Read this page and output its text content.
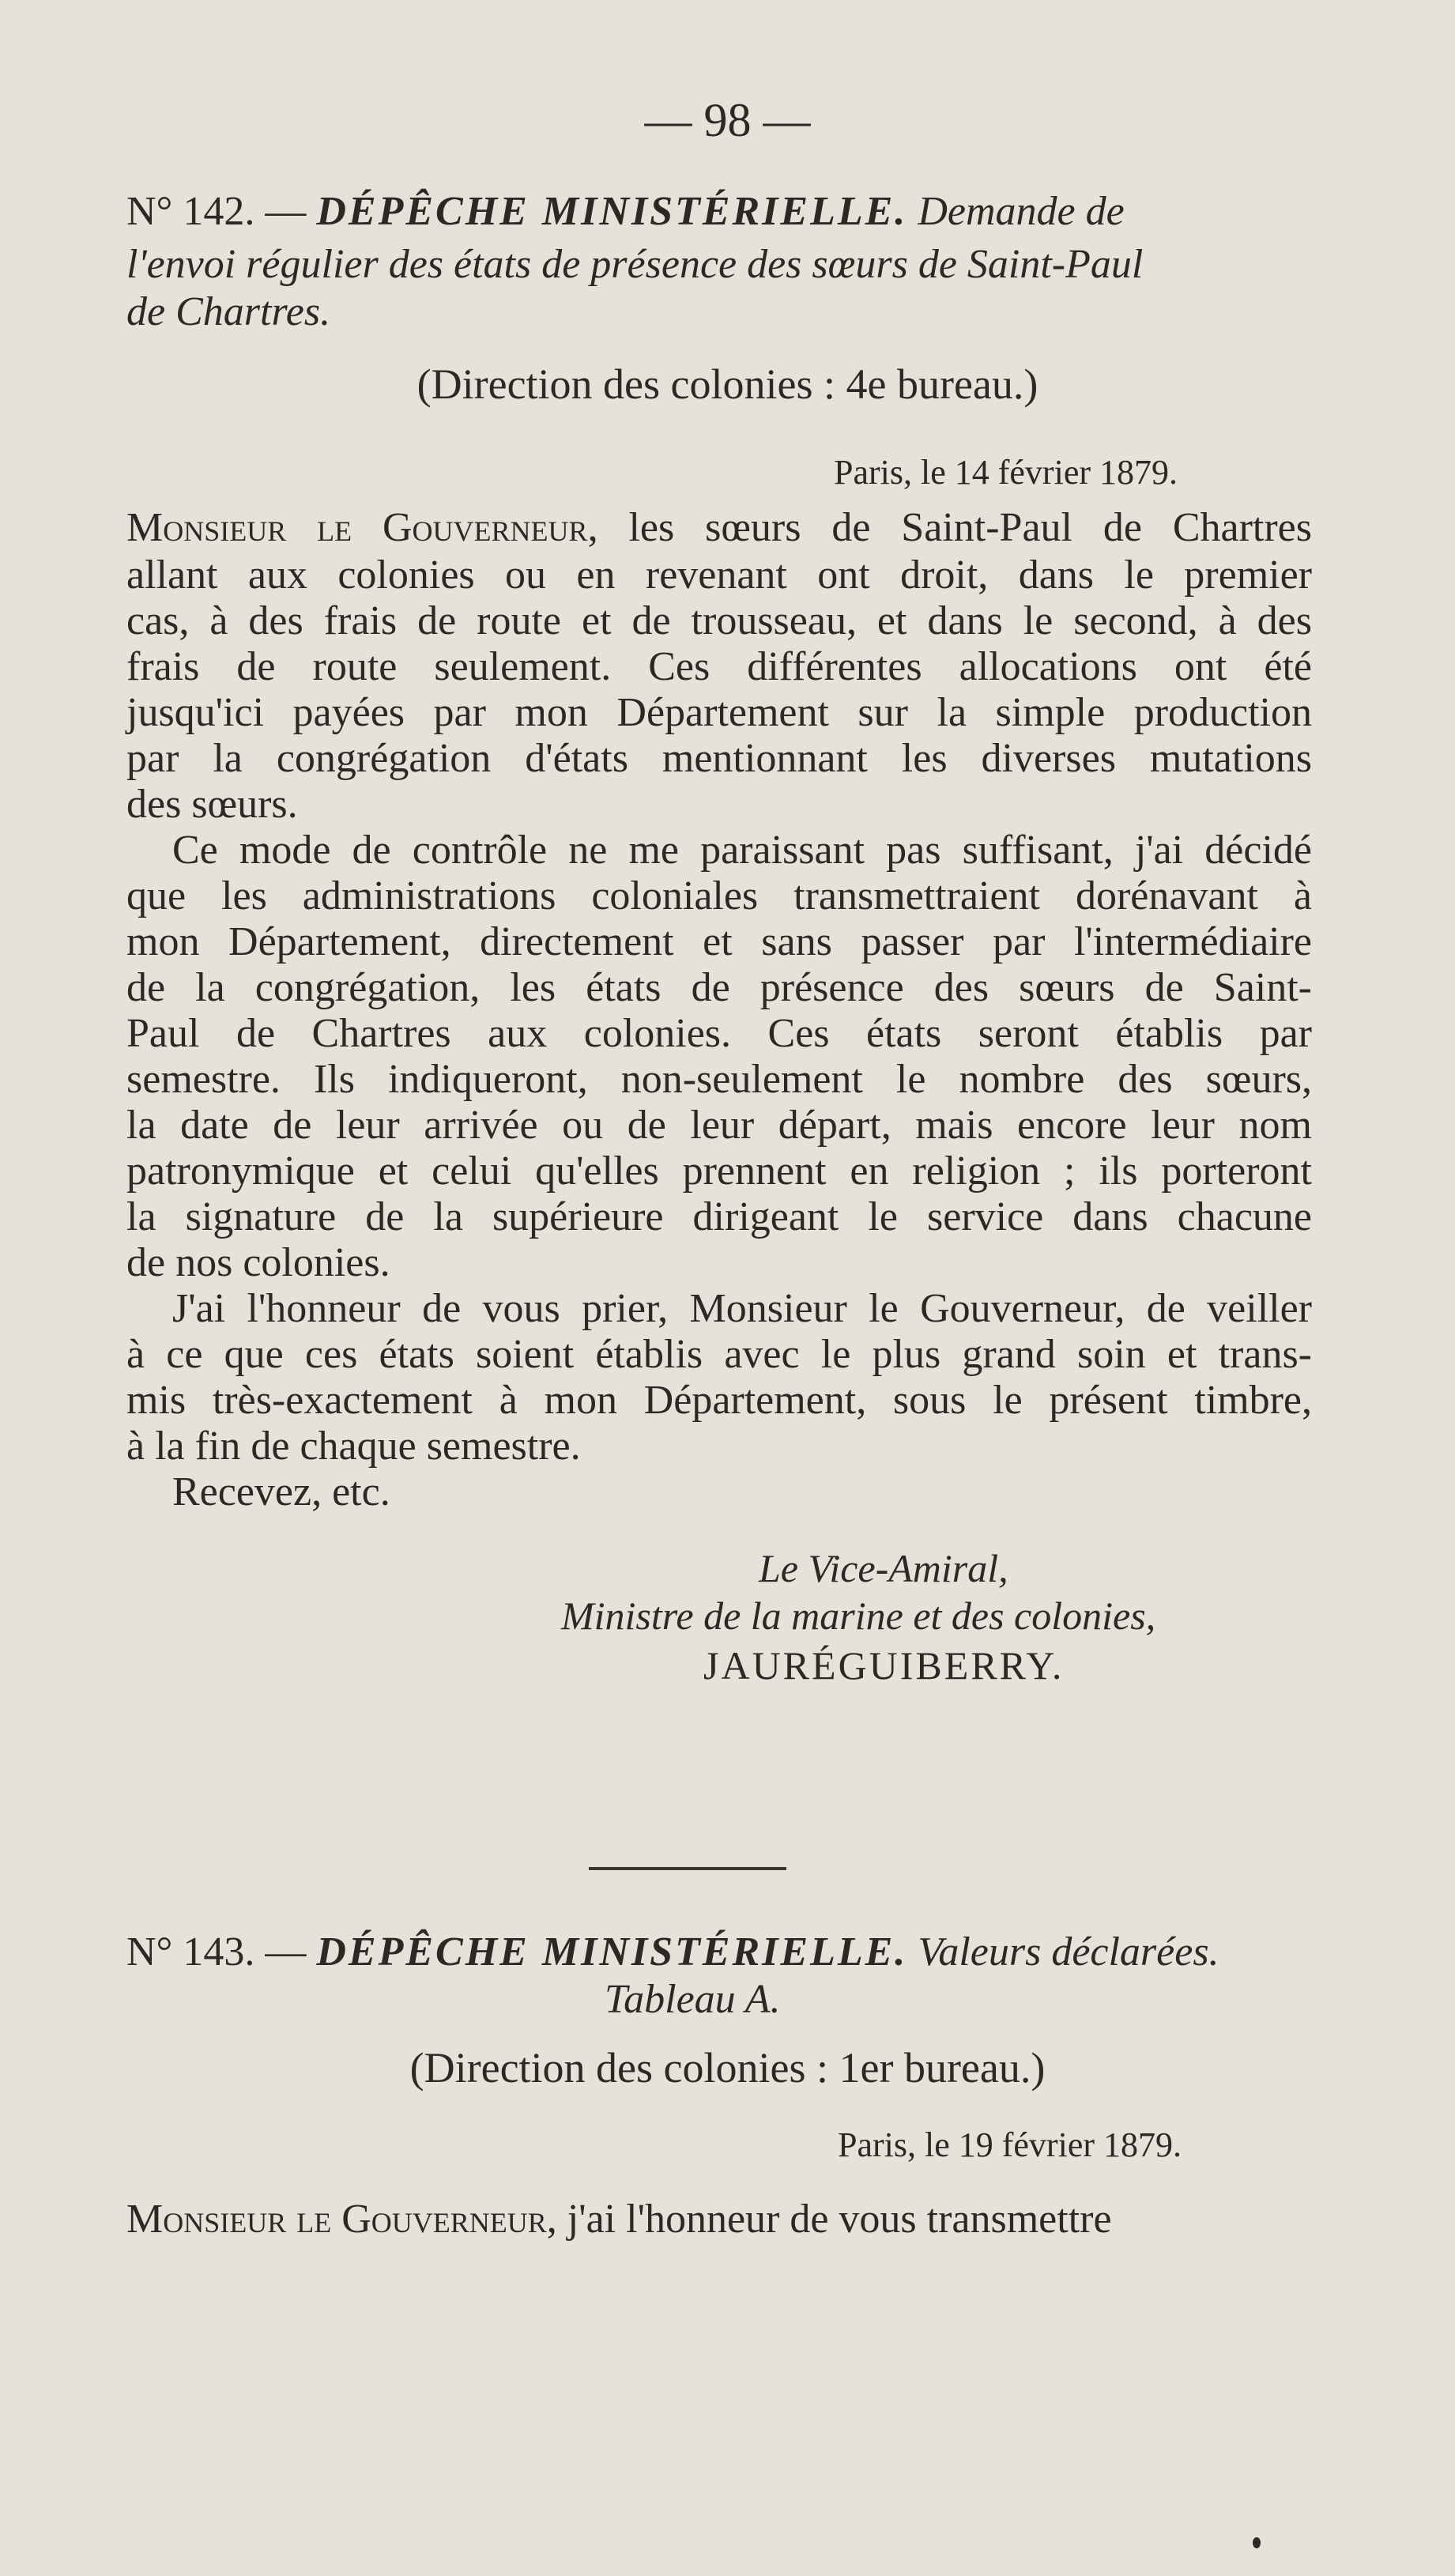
— 98 —
N° 142. — DÉPÊCHE MINISTÉRIELLE. Demande de
l'envoi régulier des états de présence des sœurs de Saint-Paul
de Chartres.
(Direction des colonies : 4e bureau.)
Paris, le 14 février 1879.
Monsieur le Gouverneur, les sœurs de Saint-Paul de Chartres
allant aux colonies ou en revenant ont droit, dans le premier
cas, à des frais de route et de trousseau, et dans le second, à des
frais de route seulement. Ces différentes allocations ont été
jusqu'ici payées par mon Département sur la simple production
par la congrégation d'états mentionnant les diverses mutations
des sœurs.
Ce mode de contrôle ne me paraissant pas suffisant, j'ai décidé
que les administrations coloniales transmettraient dorénavant à
mon Département, directement et sans passer par l'intermédiaire
de la congrégation, les états de présence des sœurs de Saint-
Paul de Chartres aux colonies. Ces états seront établis par
semestre. Ils indiqueront, non-seulement le nombre des sœurs,
la date de leur arrivée ou de leur départ, mais encore leur nom
patronymique et celui qu'elles prennent en religion ; ils porteront
la signature de la supérieure dirigeant le service dans chacune
de nos colonies.
J'ai l'honneur de vous prier, Monsieur le Gouverneur, de veiller
à ce que ces états soient établis avec le plus grand soin et trans-
mis très-exactement à mon Département, sous le présent timbre,
à la fin de chaque semestre.
Recevez, etc.
Le Vice-Amiral,
Ministre de la marine et des colonies,
JAURÉGUIBERRY.
N° 143. — DÉPÊCHE MINISTÉRIELLE. Valeurs déclarées.
Tableau A.
(Direction des colonies : 1er bureau.)
Paris, le 19 février 1879.
Monsieur le Gouverneur, j'ai l'honneur de vous transmettre
